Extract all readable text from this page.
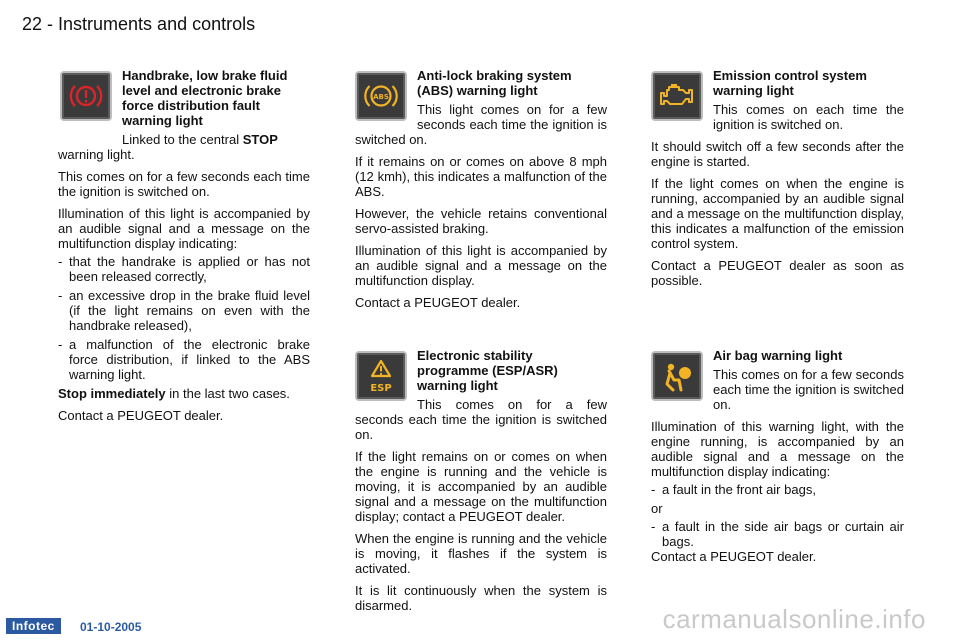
22 - Instruments and controls
Handbrake, low brake fluid level and electronic brake force distribution fault warning light

Linked to the central STOP

warning light.

This comes on for a few seconds each time the ignition is switched on.

Illumination of this light is accompanied by an audible signal and a message on the multifunction display indicating:

- that the handrake is applied or has not been released correctly,
- an excessive drop in the brake fluid level (if the light remains on even with the handbrake released),
- a malfunction of the electronic brake force distribution, if linked to the ABS warning light.

Stop immediately in the last two cases.

Contact a PEUGEOT dealer.

ABS
Anti-lock braking system (ABS) warning light

This light comes on for a few seconds each time the ignition is switched on.

If it remains on or comes on above 8 mph (12 kmh), this indicates a malfunction of the ABS.

However, the vehicle retains conventional servo-assisted braking.

Illumination of this light is accompanied by an audible signal and a message on the multifunction display.

Contact a PEUGEOT dealer.

Emission control system warning light

This comes on each time the ignition is switched on.

It should switch off a few seconds after the engine is started.

If the light comes on when the engine is running, accompanied by an audible signal and a message on the multifunction display, this indicates a malfunction of the emission control system.

Contact a PEUGEOT dealer as soon as possible.

ESP
Electronic stability programme (ESP/ASR) warning light

This comes on for a few seconds each time the ignition is switched on.

If the light remains on or comes on when the engine is running and the vehicle is moving, it is accompanied by an audible signal and a message on the multifunction display; contact a PEUGEOT dealer.

When the engine is running and the vehicle is moving, it flashes if the system is activated.

It is lit continuously when the system is disarmed.

Air bag warning light

This comes on for a few seconds each time the ignition is switched on.

Illumination of this warning light, with the engine running, is accompanied by an audible signal and a message on the multifunction display indicating:

- a fault in the front air bags,

or

- a fault in the side air bags or curtain air bags.

Contact a PEUGEOT dealer.

Infotec	01-10-2005	carmanualsonline.info
